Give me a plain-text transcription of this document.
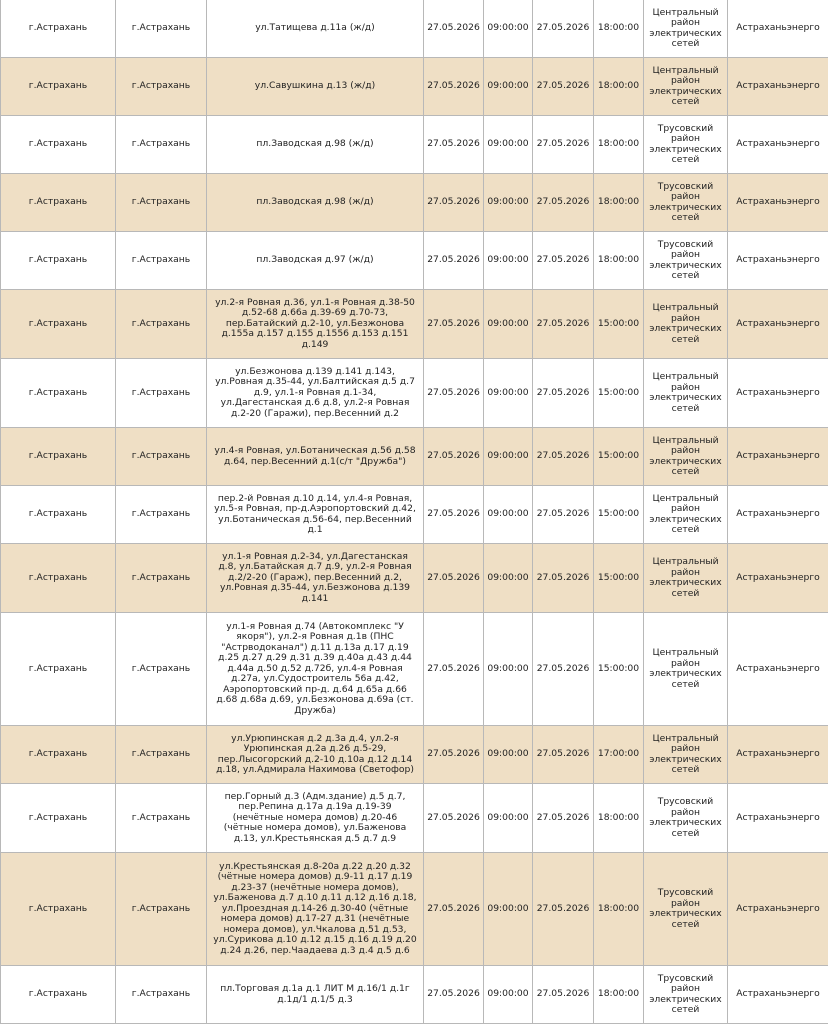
г.Астрахань	г.Астрахань	ул.Татищева д.11а (ж/д)	27.05.2026	09:00:00	27.05.2026	18:00:00	Центральный район электрических сетей	Астраханьэнерго
г.Астрахань	г.Астрахань	ул.Савушкина д.13 (ж/д)	27.05.2026	09:00:00	27.05.2026	18:00:00	Центральный район электрических сетей	Астраханьэнерго
г.Астрахань	г.Астрахань	пл.Заводская д.98 (ж/д)	27.05.2026	09:00:00	27.05.2026	18:00:00	Трусовский район электрических сетей	Астраханьэнерго
г.Астрахань	г.Астрахань	пл.Заводская д.98 (ж/д)	27.05.2026	09:00:00	27.05.2026	18:00:00	Трусовский район электрических сетей	Астраханьэнерго
г.Астрахань	г.Астрахань	пл.Заводская д.97 (ж/д)	27.05.2026	09:00:00	27.05.2026	18:00:00	Трусовский район электрических сетей	Астраханьэнерго
г.Астрахань	г.Астрахань	ул.2-я Ровная д.36, ул.1-я Ровная д.38-50 д.52-68 д.66а д.39-69 д.70-73, пер.Батайский д.2-10, ул.Безжонова д.155а д.157 д.155 д.1556 д.153 д.151 д.149	27.05.2026	09:00:00	27.05.2026	15:00:00	Центральный район электрических сетей	Астраханьэнерго
г.Астрахань	г.Астрахань	ул.Безжонова д.139 д.141 д.143, ул.Ровная д.35-44, ул.Балтийская д.5 д.7 д.9, ул.1-я Ровная д.1-34, ул.Дагестанская д.6 д.8, ул.2-я Ровная д.2-20 (Гаражи), пер.Весенний д.2	27.05.2026	09:00:00	27.05.2026	15:00:00	Центральный район электрических сетей	Астраханьэнерго
г.Астрахань	г.Астрахань	ул.4-я Ровная, ул.Ботаническая д.56 д.58 д.64, пер.Весенний д.1(с/т "Дружба")	27.05.2026	09:00:00	27.05.2026	15:00:00	Центральный район электрических сетей	Астраханьэнерго
г.Астрахань	г.Астрахань	пер.2-й Ровная д.10 д.14, ул.4-я Ровная, ул.5-я Ровная, пр-д.Аэропортовский д.42, ул.Ботаническая д.56-64, пер.Весенний д.1	27.05.2026	09:00:00	27.05.2026	15:00:00	Центральный район электрических сетей	Астраханьэнерго
г.Астрахань	г.Астрахань	ул.1-я Ровная д.2-34, ул.Дагестанская д.8, ул.Батайская д.7 д.9, ул.2-я Ровная д.2/2-20 (Гараж), пер.Весенний д.2, ул.Ровная д.35-44, ул.Безжонова д.139 д.141	27.05.2026	09:00:00	27.05.2026	15:00:00	Центральный район электрических сетей	Астраханьэнерго
г.Астрахань	г.Астрахань	ул.1-я Ровная д.74 (Автокомплекс "У якоря"), ул.2-я Ровная д.1в (ПНС "Астрводоканал") д.11 д.13а д.17 д.19 д.25 д.27 д.29 д.31 д.39 д.40а д.43 д.44 д.44а д.50 д.52 д.72б, ул.4-я Ровная д.27а, ул.Судостроитель 56а д.42, Аэропортовский пр-д. д.64 д.65а д.66 д.68 д.68а д.69, ул.Безжонова д.69а (ст. Дружба)	27.05.2026	09:00:00	27.05.2026	15:00:00	Центральный район электрических сетей	Астраханьэнерго
г.Астрахань	г.Астрахань	ул.Урюпинская д.2 д.3а д.4, ул.2-я Урюпинская д.2а д.26 д.5-29, пер.Лысогорский д.2-10 д.10а д.12 д.14 д.18, ул.Адмирала Нахимова (Светофор)	27.05.2026	09:00:00	27.05.2026	17:00:00	Центральный район электрических сетей	Астраханьэнерго
г.Астрахань	г.Астрахань	пер.Горный д.3 (Адм.здание) д.5 д.7, пер.Репина д.17а д.19а д.19-39 (нечётные номера домов) д.20-46 (чётные номера домов), ул.Баженова д.13, ул.Крестьянская д.5 д.7 д.9	27.05.2026	09:00:00	27.05.2026	18:00:00	Трусовский район электрических сетей	Астраханьэнерго
г.Астрахань	г.Астрахань	ул.Крестьянская д.8-20а д.22 д.20 д.32 (чётные номера домов) д.9-11 д.17 д.19 д.23-37 (нечётные номера домов), ул.Баженова д.7 д.10 д.11 д.12 д.16 д.18, ул.Проездная д.14-26 д.30-40 (чётные номера домов) д.17-27 д.31 (нечётные номера домов), ул.Чкалова д.51 д.53, ул.Сурикова д.10 д.12 д.15 д.16 д.19 д.20 д.24 д.26, пер.Чаадаева д.3 д.4 д.5 д.6	27.05.2026	09:00:00	27.05.2026	18:00:00	Трусовский район электрических сетей	Астраханьэнерго
г.Астрахань	г.Астрахань	пл.Торговая д.1а д.1 ЛИТ М д.16/1 д.1г д.1д/1 д.1/5 д.3	27.05.2026	09:00:00	27.05.2026	18:00:00	Трусовский район электрических сетей	Астраханьэнерго
